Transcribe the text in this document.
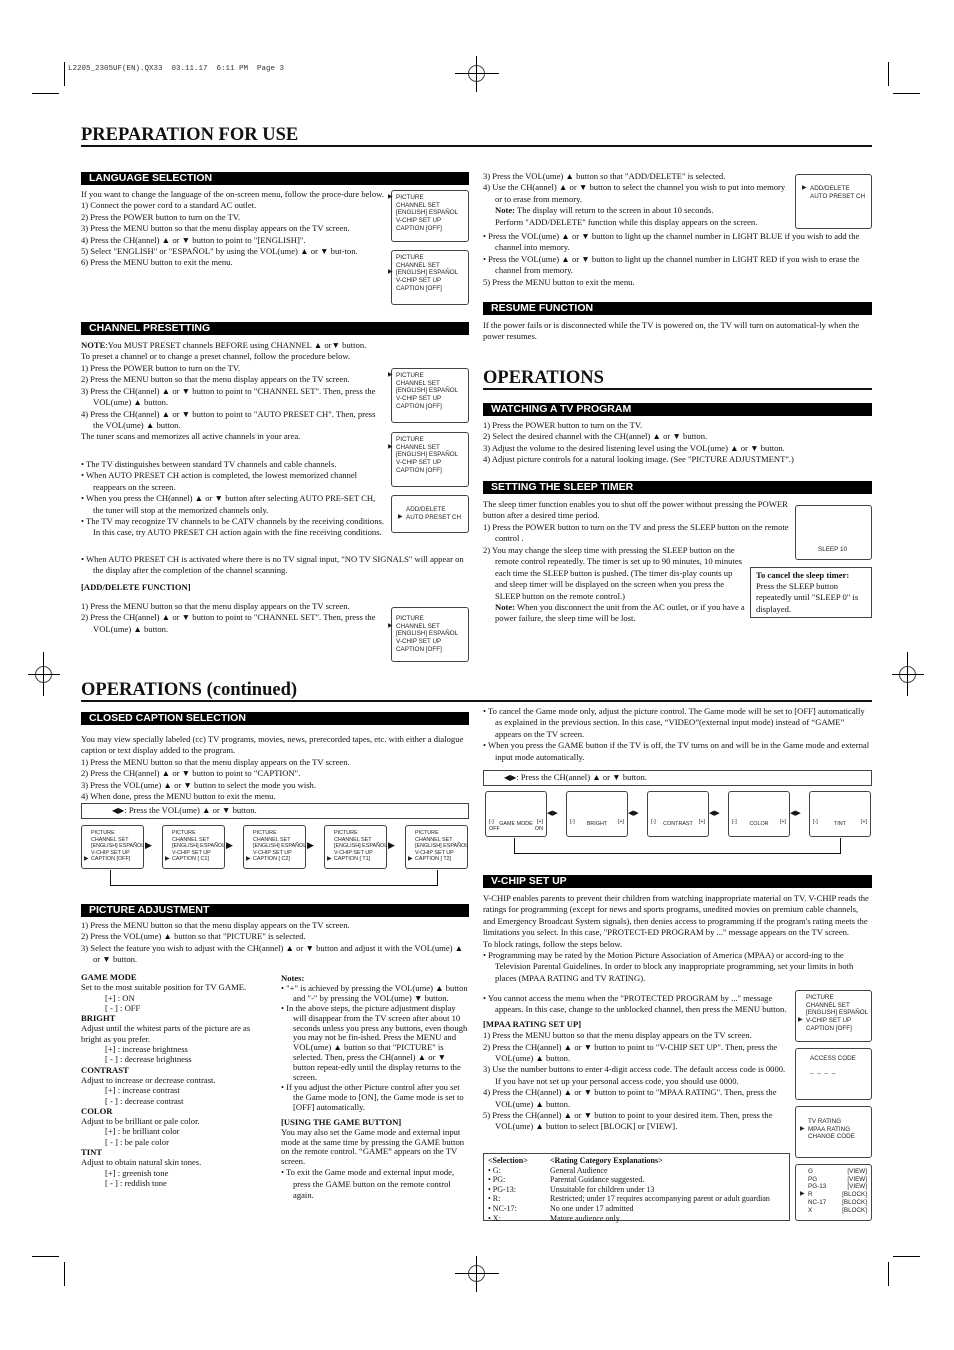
L2205_2305UF(EN).QX33  03.11.17  6:11 PM  Page 3
PREPARATION FOR USE
LANGUAGE SELECTION

If you want to change the language of the on-screen menu, follow the proce-dure below.

1) Connect the power cord to a standard AC outlet.

2) Press the POWER button to turn on the TV.

3) Press the MENU button so that the menu display appears on the TV screen.

4) Press the CH(annel) ▲ or ▼ button to point to "[ENGLISH]".

5) Select "ENGLISH" or "ESPAÑOL" by using the VOL(ume) ▲ or ▼ but-ton.

6) Press the MENU button to exit the menu.

▶ PICTURE

CHANNEL SET

[ENGLISH] ESPAÑOL

V-CHIP SET UP

CAPTION [OFF]

PICTURE

CHANNEL SET

▶ [ENGLISH] ESPAÑOL

V-CHIP SET UP

CAPTION [OFF]

CHANNEL PRESETTING

NOTE:You MUST PRESET channels BEFORE using CHANNEL ▲ or▼ button.

To preset a channel or to change a preset channel, follow the procedure below.

1) Press the POWER button to turn on the TV.

2) Press the MENU button so that the menu display appears on the TV screen.

3) Press the CH(annel) ▲ or ▼ button to point to "CHANNEL SET". Then, press the VOL(ume) ▲ button.

4) Press the CH(annel) ▲ or ▼ button to point to "AUTO PRESET CH". Then, press the VOL(ume) ▲ button.

The tuner scans and memorizes all active channels in your area.

• The TV distinguishes between standard TV channels and cable channels.

• When AUTO PRESET CH action is completed, the lowest memorized channel reappears on the screen.

• When you press the CH(annel) ▲ or ▼ button after selecting AUTO PRE-SET CH, the tuner will stop at the memorized channels only.

• The TV may recognize TV channels to be CATV channels by the receiving conditions. In this case, try AUTO PRESET CH action again with the fine receiving conditions.

• When AUTO PRESET CH is activated where there is no TV signal input, "NO TV SIGNALS" will appear on the display after the completion of the channel scanning.

[ADD/DELETE FUNCTION]

1) Press the MENU button so that the menu display appears on the TV screen.

2) Press the CH(annel) ▲ or ▼ button to point to "CHANNEL SET". Then, press the VOL(ume) ▲ button.

▶ PICTURE

CHANNEL SET

[ENGLISH] ESPAÑOL

V-CHIP SET UP

CAPTION [OFF]

PICTURE

▶ CHANNEL SET

[ENGLISH] ESPAÑOL

V-CHIP SET UP

CAPTION [OFF]

ADD/DELETE

▶ AUTO PRESET CH

PICTURE

▶ CHANNEL SET

[ENGLISH] ESPAÑOL

V-CHIP SET UP

CAPTION [OFF]

3) Press the VOL(ume) ▲ button so that "ADD/DELETE" is selected.

4) Use the CH(annel) ▲ or ▼ button to select the channel you wish to put into memory or to erase from memory.

Note: The display will return to the screen in about 10 seconds.

Perform "ADD/DELETE" function while this display appears on the screen.

• Press the VOL(ume) ▲ or ▼ button to light up the channel number in LIGHT BLUE if you wish to add the channel into memory.

• Press the VOL(ume) ▲ or ▼ button to light up the channel number in LIGHT RED if you wish to erase the channel from memory.

5) Press the MENU button to exit the menu.

▶ ADD/DELETE

AUTO PRESET CH

RESUME FUNCTION

If the power fails or is disconnected while the TV is powered on, the TV will turn on automatical-ly when the power resumes.

OPERATIONS
WATCHING A TV PROGRAM

1) Press the POWER button to turn on the TV.

2) Select the desired channel with the CH(annel) ▲ or ▼ button.

3) Adjust the volume to the desired listening level using the VOL(ume) ▲ or ▼ button.

4) Adjust picture controls for a natural looking image. (See "PICTURE ADJUSTMENT".)

SETTING THE SLEEP TIMER

The sleep timer function enables you to shut off the power without pressing the POWER button after a desired time period.

1) Press the POWER button to turn on the TV and press the SLEEP button on the remote control .

2) You may change the sleep time with pressing the SLEEP button on the remote control repeatedly. The timer is set up to 90 minutes, 10 minutes each time the SLEEP button is pushed. (The timer dis-play counts up and sleep timer will be displayed on the screen when you press the SLEEP button on the remote control.)

Note: When you disconnect the unit from the AC outlet, or if you have a power failure, the sleep time will be lost.

SLEEP 10

To cancel the sleep timer:
Press the SLEEP button repeatedly until "SLEEP 0" is displayed.
OPERATIONS (continued)
CLOSED CAPTION SELECTION

You may view specially labeled (cc) TV programs, movies, news, prerecorded tapes, etc. with either a dialogue caption or text display added to the program.

1) Press the MENU button so that the menu display appears on the TV screen.

2) Press the CH(annel) ▲ or ▼ button to point to "CAPTION".

3) Press the VOL(ume) ▲ or ▼ button to select the mode you wish.

4) When done, press the MENU button to exit the menu.

◀▶: Press the VOL(ume) ▲ or ▼ button.

PICTURE

CHANNEL SET

[ENGLISH] ESPAÑOL

V-CHIP SET UP

▶ CAPTION [OFF]

▶

PICTURE

CHANNEL SET

[ENGLISH] ESPAÑOL

V-CHIP SET UP

▶ CAPTION [ C1]

▶

PICTURE

CHANNEL SET

[ENGLISH] ESPAÑOL

V-CHIP SET UP

▶ CAPTION [ C2]

▶

PICTURE

CHANNEL SET

[ENGLISH] ESPAÑOL

V-CHIP SET UP

▶ CAPTION [ T1]

▶

PICTURE

CHANNEL SET

[ENGLISH] ESPAÑOL

V-CHIP SET UP

▶ CAPTION [ T2]

PICTURE ADJUSTMENT

1) Press the MENU button so that the menu display appears on the TV screen.

2) Press the VOL(ume) ▲ button so that "PICTURE" is selected.

3) Select the feature you wish to adjust with the CH(annel) ▲ or ▼ button and adjust it with the VOL(ume) ▲ or ▼ button.

GAME MODE

Set to the most suitable position for TV GAME.

[+] : ON

[ - ] : OFF

BRIGHT

Adjust until the whitest parts of the picture are as bright as you prefer.

[+] : increase brightness

[ - ] : decrease brightness

CONTRAST

Adjust to increase or decrease contrast.

[+] : increase contrast

[ - ] : decrease contrast

COLOR

Adjust to be brilliant or pale color.

[+] : be brilliant color

[ - ] : be pale color

TINT

Adjust to obtain natural skin tones.

[+] : greenish tone

[ - ] : reddish tone

Notes:

• "+" is achieved by pressing the VOL(ume) ▲ button and "-" by pressing the VOL(ume) ▼ button.

• In the above steps, the picture adjustment display will disappear from the TV screen after about 10 seconds unless you press any buttons, even though you may not be fin-ished. Press the MENU and VOL(ume) ▲ button so that "PICTURE" is selected. Then, press the CH(annel) ▲ or ▼ button repeat-edly until the display returns to the screen.

• If you adjust the other Picture control after you set the Game mode to [ON], the Game mode is set to [OFF] automatically.

[USING THE GAME BUTTON]

You may also set the Game mode and external input mode at the same time by pressing the GAME button on the remote control. “GAME” appears on the TV screen.

• To exit the Game mode and external input mode, press the GAME button on the remote control again.

• To cancel the Game mode only, adjust the picture control. The Game mode will be set to [OFF] automatically as explained in the previous section. In this case, “VIDEO”(external input mode) instead of “GAME” appears on the TV screen.

• When you press the GAME button if the TV is off, the TV turns on and will be in the Game mode and external input mode automatically.

◀▶: Press the CH(annel) ▲ or ▼ button.
[-]	GAME MODE [+]
OFF	ON
◀▶
[-]	BRIGHT	[+]
◀▶
[-]	CONTRAST	[+]
◀▶
[-]	COLOR	[+]
◀▶
[-]	TINT	[+]
V-CHIP SET UP

V-CHIP enables parents to prevent their children from watching inappropriate material on TV. V-CHIP reads the ratings for programming (except for news and sports programs, unedited movies on premium cable channels, and Emergency Broadcast System signals), then denies access to programming if the program's rating meets the limitations you select. In this case, "PROTECT-ED PROGRAM by ..." message appears on the TV screen.

To block ratings, follow the steps below.

• Programming may be rated by the Motion Picture Association of America (MPAA) or accord-ing to the Television Parental Guidelines. In order to block any inappropriate programming, set your limits in both places (MPAA RATING and TV RATING).

• You cannot access the menu when the "PROTECTED PROGRAM by ..." message appears. In this case, change to the unblocked channel, then press the MENU button.

[MPAA RATING SET UP]

1) Press the MENU button so that the menu display appears on the TV screen.

2) Press the CH(annel) ▲ or ▼ button to point to "V-CHIP SET UP". Then, press the VOL(ume) ▲ button.

3) Use the number buttons to enter 4-digit access code. The default access code is 0000. If you have not set up your personal access code, you should use 0000.

4) Press the CH(annel) ▲ or ▼ button to point to "MPAA RATING". Then, press the VOL(ume) ▲ button.

5) Press the CH(annel) ▲ or ▼ button to point to your desired item. Then, press the VOL(ume) ▲ button to select [BLOCK] or [VIEW].

PICTURE

CHANNEL SET

[ENGLISH] ESPAÑOL

▶ V-CHIP SET UP

CAPTION [OFF]

ACCESS CODE

_ _ _ _

TV RATING

▶ MPAA RATING

CHANGE CODE

G	[VIEW]

PG	[VIEW]

PG-13	[VIEW]

▶ R	[BLOCK]

NC-17	[BLOCK]

X	[BLOCK]

<Selection>	<Rating Category Explanations>
• G:	General Audience
• PG:	Parental Guidance suggested.
• PG-13:	Unsuitable for children under 13
• R:	Restricted; under 17 requires accompanying parent or adult guardian
• NC-17:	No one under 17 admitted
• X:	Mature audience only
